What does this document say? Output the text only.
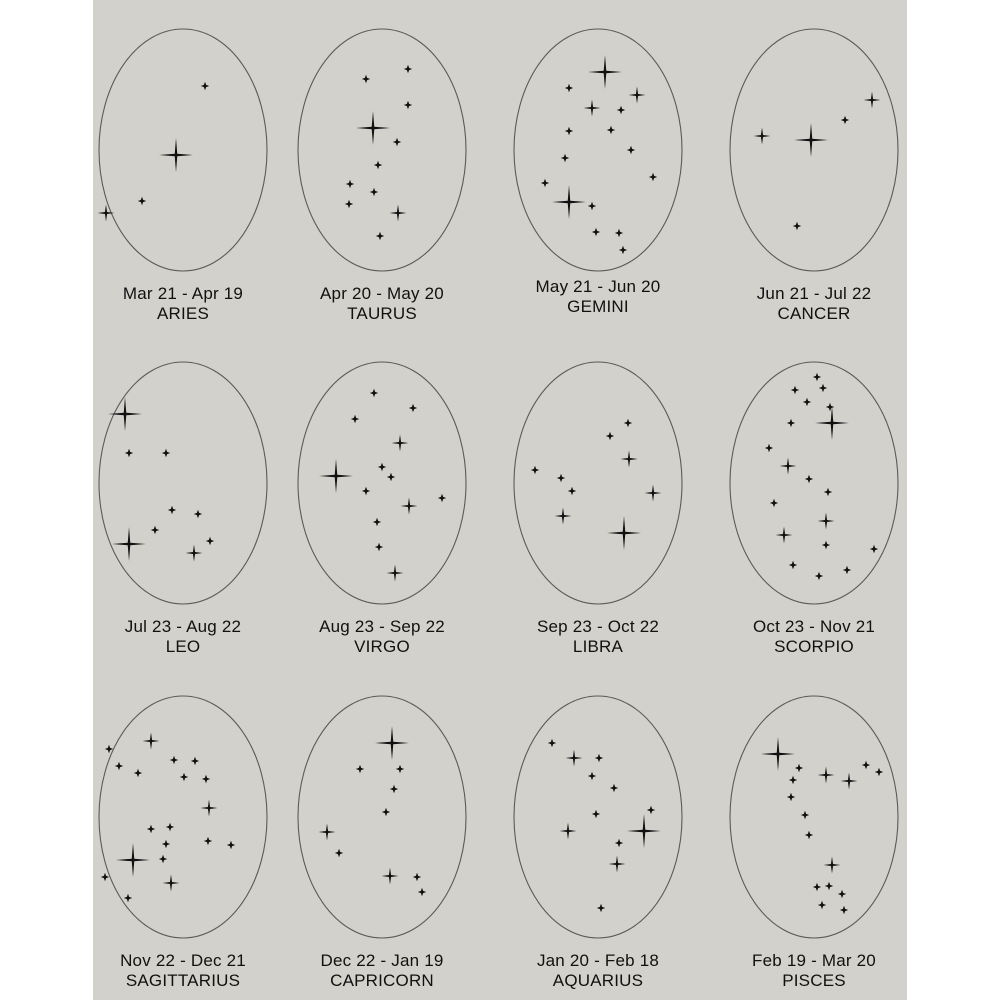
Mar 21 - Apr 19
ARIES
Apr 20 - May 20
TAURUS
May 21 - Jun 20
GEMINI
Jun 21 - Jul 22
CANCER
Jul 23 - Aug 22
LEO
Aug 23 - Sep 22
VIRGO
Sep 23 - Oct 22
LIBRA
Oct 23 - Nov 21
SCORPIO
Nov 22 - Dec 21
SAGITTARIUS
Dec 22 - Jan 19
CAPRICORN
Jan 20 - Feb 18
AQUARIUS
Feb 19 - Mar 20
PISCES
